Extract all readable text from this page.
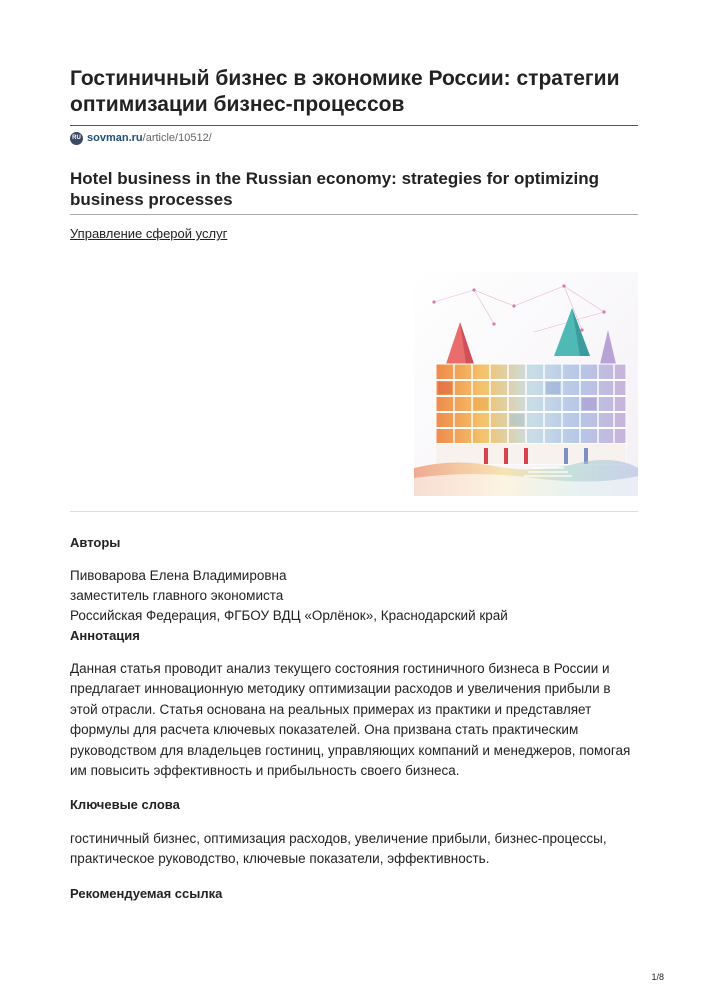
Гостиничный бизнес в экономике России: стратегии оптимизации бизнес-процессов
RU sovman.ru /article/10512/
Hotel business in the Russian economy: strategies for optimizing business processes
Управление сферой услуг
Авторы
Пивоварова Елена Владимировна
заместитель главного экономиста
Российская Федерация, ФГБОУ ВДЦ «Орлёнок», Краснодарский край
Аннотация

Данная статья проводит анализ текущего состояния гостиничного бизнеса в России и предлагает инновационную методику оптимизации расходов и увеличения прибыли в этой отрасли. Статья основана на реальных примерах из практики и представляет формулы для расчета ключевых показателей. Она призвана стать практическим руководством для владельцев гостиниц, управляющих компаний и менеджеров, помогая им повысить эффективность и прибыльность своего бизнеса.

Ключевые слова

гостиничный бизнес, оптимизация расходов, увеличение прибыли, бизнес-процессы, практическое руководство, ключевые показатели, эффективность.

Рекомендуемая ссылка
1/8
